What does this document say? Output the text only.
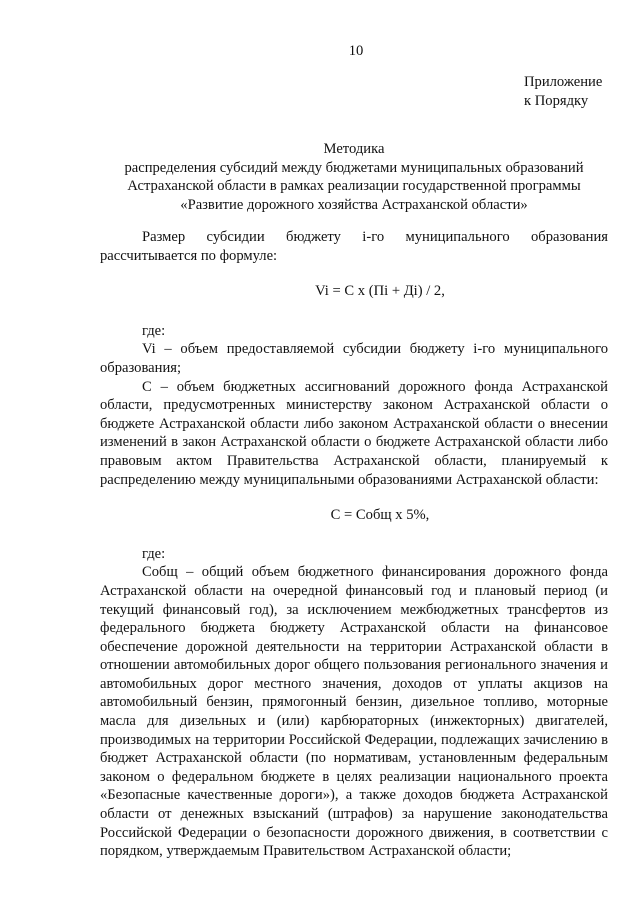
10
Приложение
к Порядку
Методика
распределения субсидий между бюджетами муниципальных образований
Астраханской области в рамках реализации государственной программы
«Развитие дорожного хозяйства Астраханской области»

Размер субсидии бюджету i-го муниципального образования рассчитывается по формуле:

Vi = C x (Пi + Дi) / 2,

где:

Vi – объем предоставляемой субсидии бюджету i-го муниципального образования;

C – объем бюджетных ассигнований дорожного фонда Астраханской области, предусмотренных министерству законом Астраханской области о бюджете Астраханской области либо законом Астраханской области о внесении изменений в закон Астраханской области о бюджете Астраханской области либо правовым актом Правительства Астраханской области, планируемый к распределению между муниципальными образованиями Астраханской области:

C = Cобщ x 5%,

где:

Cобщ – общий объем бюджетного финансирования дорожного фонда Астраханской области на очередной финансовый год и плановый период (и текущий финансовый год), за исключением межбюджетных трансфертов из федерального бюджета бюджету Астраханской области на финансовое обеспечение дорожной деятельности на территории Астраханской области в отношении автомобильных дорог общего пользования регионального значения и автомобильных дорог местного значения, доходов от уплаты акцизов на автомобильный бензин, прямогонный бензин, дизельное топливо, моторные масла для дизельных и (или) карбюраторных (инжекторных) двигателей, производимых на территории Российской Федерации, подлежащих зачислению в бюджет Астраханской области (по нормативам, установленным федеральным законом о федеральном бюджете в целях реализации национального проекта «Безопасные качественные дороги»), а также доходов бюджета Астраханской области от денежных взысканий (штрафов) за нарушение законодательства Российской Федерации о безопасности дорожного движения, в соответствии с порядком, утверждаемым Правительством Астраханской области;
